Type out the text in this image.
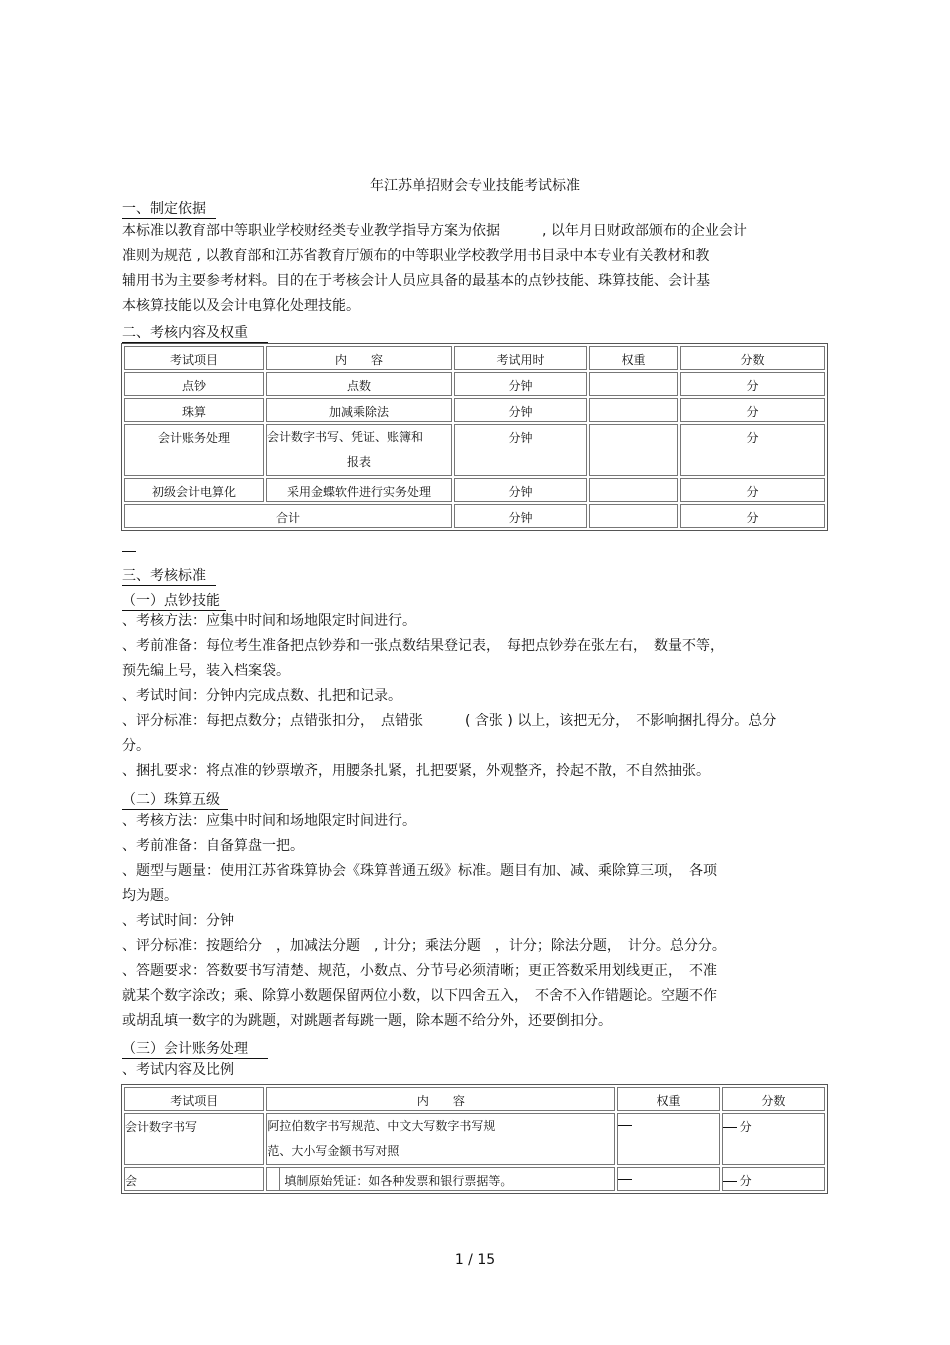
年江苏单招财会专业技能考试标准
一、制定依据
本标准以教育部中等职业学校财经类专业教学指导方案为依据　　　, 以年月日财政部颁布的企业会计
准则为规范 , 以教育部和江苏省教育厅颁布的中等职业学校教学用书目录中本专业有关教材和教
辅用书为主要参考材料。目的在于考核会计人员应具备的最基本的点钞技能、珠算技能、会计基
本核算技能以及会计电算化处理技能。
二、考核内容及权重
考试项目	内　　容	考试用时	权重	分数
点钞	点数	分钟		分
珠算	加减乘除法	分钟		分
会计账务处理	会计数字书写、凭证、账簿和
报表	分钟		分
初级会计电算化	采用金蝶软件进行实务处理	分钟		分
合计		分钟		分
三、考核标准
（一）点钞技能
、考核方法：应集中时间和场地限定时间进行。
、考前准备：每位考生准备把点钞券和一张点数结果登记表，　每把点钞券在张左右，　数量不等，
预先编上号，装入档案袋。
、考试时间：分钟内完成点数、扎把和记录。
、评分标准：每把点数分；点错张扣分，　点错张　　　( 含张 ) 以上，该把无分，　不影响捆扎得分。总分
分。
、捆扎要求：将点准的钞票墩齐，用腰条扎紧，扎把要紧，外观整齐，拎起不散，不自然抽张。
（二）珠算五级
、考核方法：应集中时间和场地限定时间进行。
、考前准备：自备算盘一把。
、题型与题量：使用江苏省珠算协会《珠算普通五级》标准。题目有加、减、乘除算三项，　各项
均为题。
、考试时间：分钟
、评分标准：按题给分　，加减法分题　, 计分；乘法分题　，计分；除法分题，　计分。总分分。
、答题要求：答数要书写清楚、规范，小数点、分节号必须清晰；更正答数采用划线更正，　不准
就某个数字涂改；乘、除算小数题保留两位小数，以下四舍五入，　不舍不入作错题论。空题不作
或胡乱填一数字的为跳题，对跳题者每跳一题，除本题不给分外，还要倒扣分。
（三）会计账务处理
、考试内容及比例
考试项目	内　　容	权重	分数
会计数字书写	阿拉伯数字书写规范、中文大写数字书写规
范、大小写金额书写对照		分
会	填制原始凭证：如各种发票和银行票据等。		分
1 / 15
